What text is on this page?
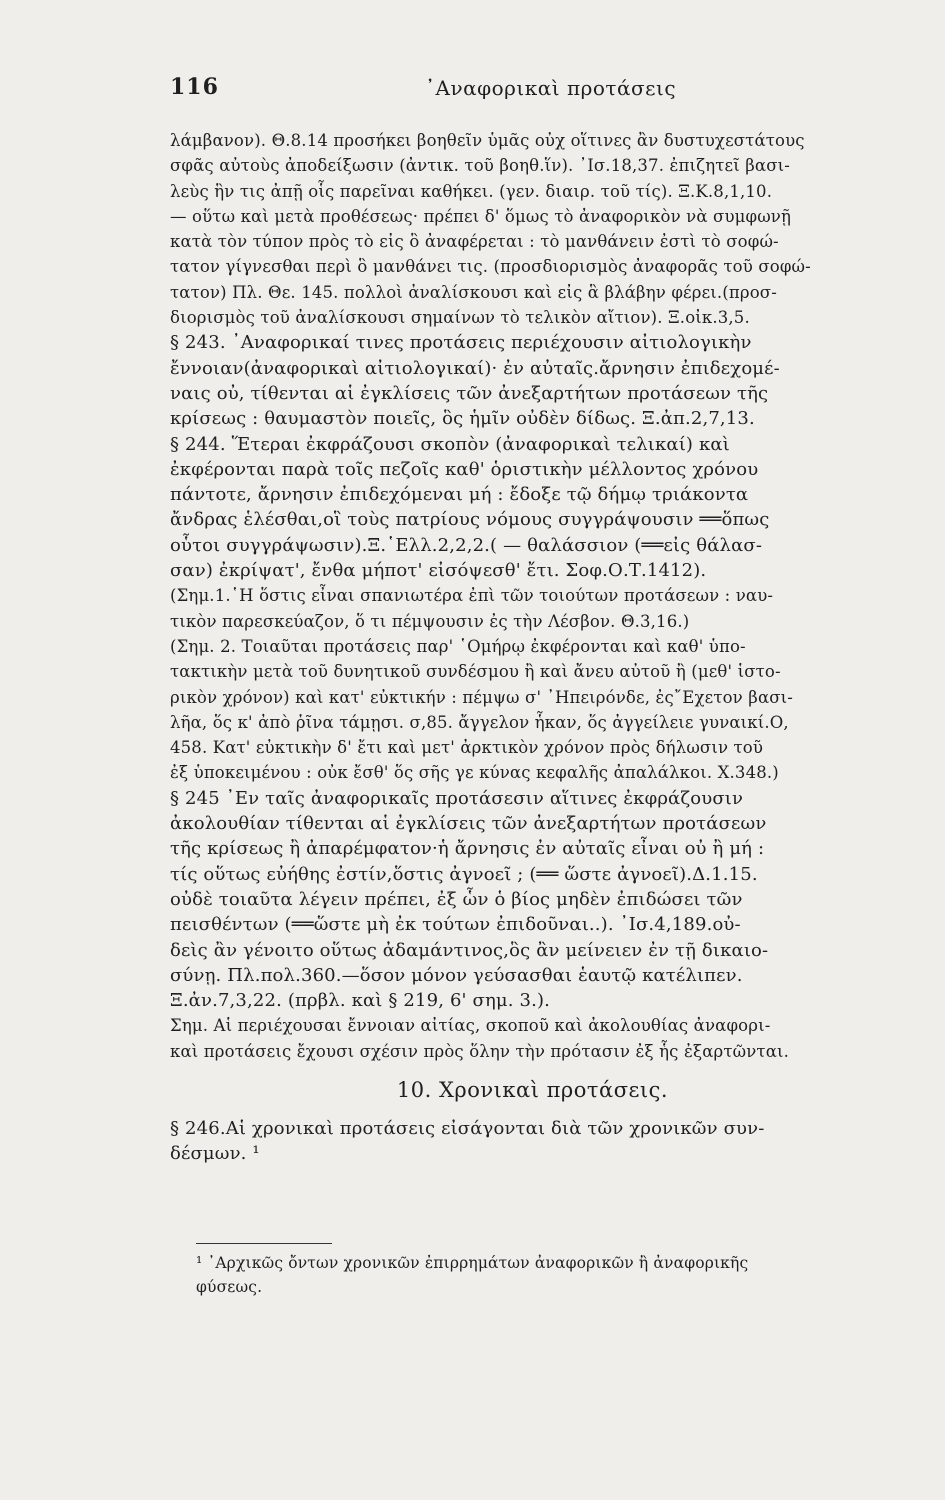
116	᾿Αναφορικαὶ προτάσεις
λάμβανον). Θ.8.14 προσήκει βοηθεῖν ὑμᾶς οὐχ οἵτινες ἂν δυστυχεστάτους
σφᾶς αὐτοὺς ἀποδείξωσιν (ἀντικ. τοῦ βοηθ.ἵν). ᾿Ισ.18,37. ἐπιζητεῖ βασι-
λεὺς ἣν τις ἀπῇ οἷς παρεῖναι καθήκει. (γεν. διαιρ. τοῦ τίς). Ξ.Κ.8,1,10.
— οὕτω καὶ μετὰ προθέσεως· πρέπει δ' ὅμως τὸ ἀναφορικὸν νὰ συμφωνῇ
κατὰ τὸν τύπον πρὸς τὸ εἰς ὃ ἀναφέρεται : τὸ μανθάνειν ἐστὶ τὸ σοφώ-
τατον γίγνεσθαι περὶ ὃ μανθάνει τις. (προσδιορισμὸς ἀναφορᾶς τοῦ σοφώ-
τατον) Πλ. Θε. 145. πολλοὶ ἀναλίσκουσι καὶ εἰς ἃ βλάβην φέρει.(προσ-
διορισμὸς τοῦ ἀναλίσκουσι σημαίνων τὸ τελικὸν αἴτιον). Ξ.οἰκ.3,5.
§ 243. ᾿Αναφορικαί τινες προτάσεις περιέχουσιν αἰτιολογικὴν
ἔννοιαν(ἀναφορικαὶ αἰτιολογικαί)· ἐν αὐταῖς.ἄρνησιν ἐπιδεχομέ-
ναις οὐ, τίθενται αἱ ἐγκλίσεις τῶν ἀνεξαρτήτων προτάσεων τῆς
κρίσεως : θαυμαστὸν ποιεῖς, ὃς ἡμῖν οὐδὲν δίδως. Ξ.ἀπ.2,7,13.
§ 244. Ἕτεραι ἐκφράζουσι σκοπὸν (ἀναφορικαὶ τελικαί) καὶ
ἐκφέρονται παρὰ τοῖς πεζοῖς καθ' ὁριστικὴν μέλλοντος χρόνου
πάντοτε, ἄρνησιν ἐπιδεχόμεναι μή : ἔδοξε τῷ δήμῳ τριάκοντα
ἄνδρας ἑλέσθαι,οἳ τοὺς πατρίους νόμους συγγράψουσιν ══ὅπως
οὗτοι συγγράψωσιν).Ξ.῾Ελλ.2,2,2.( — θαλάσσιον (══εἰς θάλασ-
σαν) ἐκρίψατ', ἔνθα μήποτ' εἰσόψεσθ' ἔτι. Σοφ.Ο.Τ.1412).
(Σημ.1.῾Η ὅστις εἶναι σπανιωτέρα ἐπὶ τῶν τοιούτων προτάσεων : ναυ-
τικὸν παρεσκεύαζον, ὅ τι πέμψουσιν ἐς τὴν Λέσβον. Θ.3,16.)
(Σημ. 2. Τοιαῦται προτάσεις παρ' ῾Ομήρῳ ἐκφέρονται καὶ καθ' ὑπο-
τακτικὴν μετὰ τοῦ δυνητικοῦ συνδέσμου ἢ καὶ ἄνευ αὐτοῦ ἢ (μεθ' ἱστο-
ρικὸν χρόνον) καὶ κατ' εὐκτικήν : πέμψω σ' ᾿Ηπειρόνδε, ἐς῎Εχετον βασι-
λῆα, ὅς κ' ἀπὸ ῥῖνα τάμῃσι. σ,85. ἄγγελον ἧκαν, ὅς ἀγγείλειε γυναικί.Ο,
458. Κατ' εὐκτικὴν δ' ἔτι καὶ μετ' ἀρκτικὸν χρόνον πρὸς δήλωσιν τοῦ
ἐξ ὑποκειμένου : οὐκ ἔσθ' ὅς σῆς γε κύνας κεφαλῆς ἀπαλάλκοι. Χ.348.)
§ 245 ᾿Εν ταῖς ἀναφορικαῖς προτάσεσιν αἵτινες ἐκφράζουσιν
ἀκολουθίαν τίθενται αἱ ἐγκλίσεις τῶν ἀνεξαρτήτων προτάσεων
τῆς κρίσεως ἢ ἀπαρέμφατον·ἡ ἄρνησις ἐν αὐταῖς εἶναι οὐ ἢ μή :
τίς οὕτως εὐήθης ἐστίν,ὅστις ἀγνοεῖ ; (══ ὥστε ἀγνοεῖ).Δ.1.15.
οὐδὲ τοιαῦτα λέγειν πρέπει, ἐξ ὧν ὁ βίος μηδὲν ἐπιδώσει τῶν
πεισθέντων (══ὥστε μὴ ἐκ τούτων ἐπιδοῦναι..). ᾿Ισ.4,189.οὐ-
δεὶς ἂν γένοιτο οὕτως ἀδαμάντινος,ὃς ἂν μείνειεν ἐν τῇ δικαιο-
σύνῃ. Πλ.πολ.360.—ὅσον μόνον γεύσασθαι ἑαυτῷ κατέλιπεν.
Ξ.ἀν.7,3,22. (πρβλ. καὶ § 219, 6' σημ. 3.).
Σημ. Αἱ περιέχουσαι ἔννοιαν αἰτίας, σκοποῦ καὶ ἀκολουθίας ἀναφορι-
καὶ προτάσεις ἔχουσι σχέσιν πρὸς ὅλην τὴν πρότασιν ἐξ ἧς ἐξαρτῶνται.
10. Χρονικαὶ προτάσεις.
§ 246.Αἱ χρονικαὶ προτάσεις εἰσάγονται διὰ τῶν χρονικῶν συν-
δέσμων. ¹
¹ ᾿Αρχικῶς ὄντων χρονικῶν ἐπιρρημάτων ἀναφορικῶν ἢ ἀναφορικῆς
φύσεως.
